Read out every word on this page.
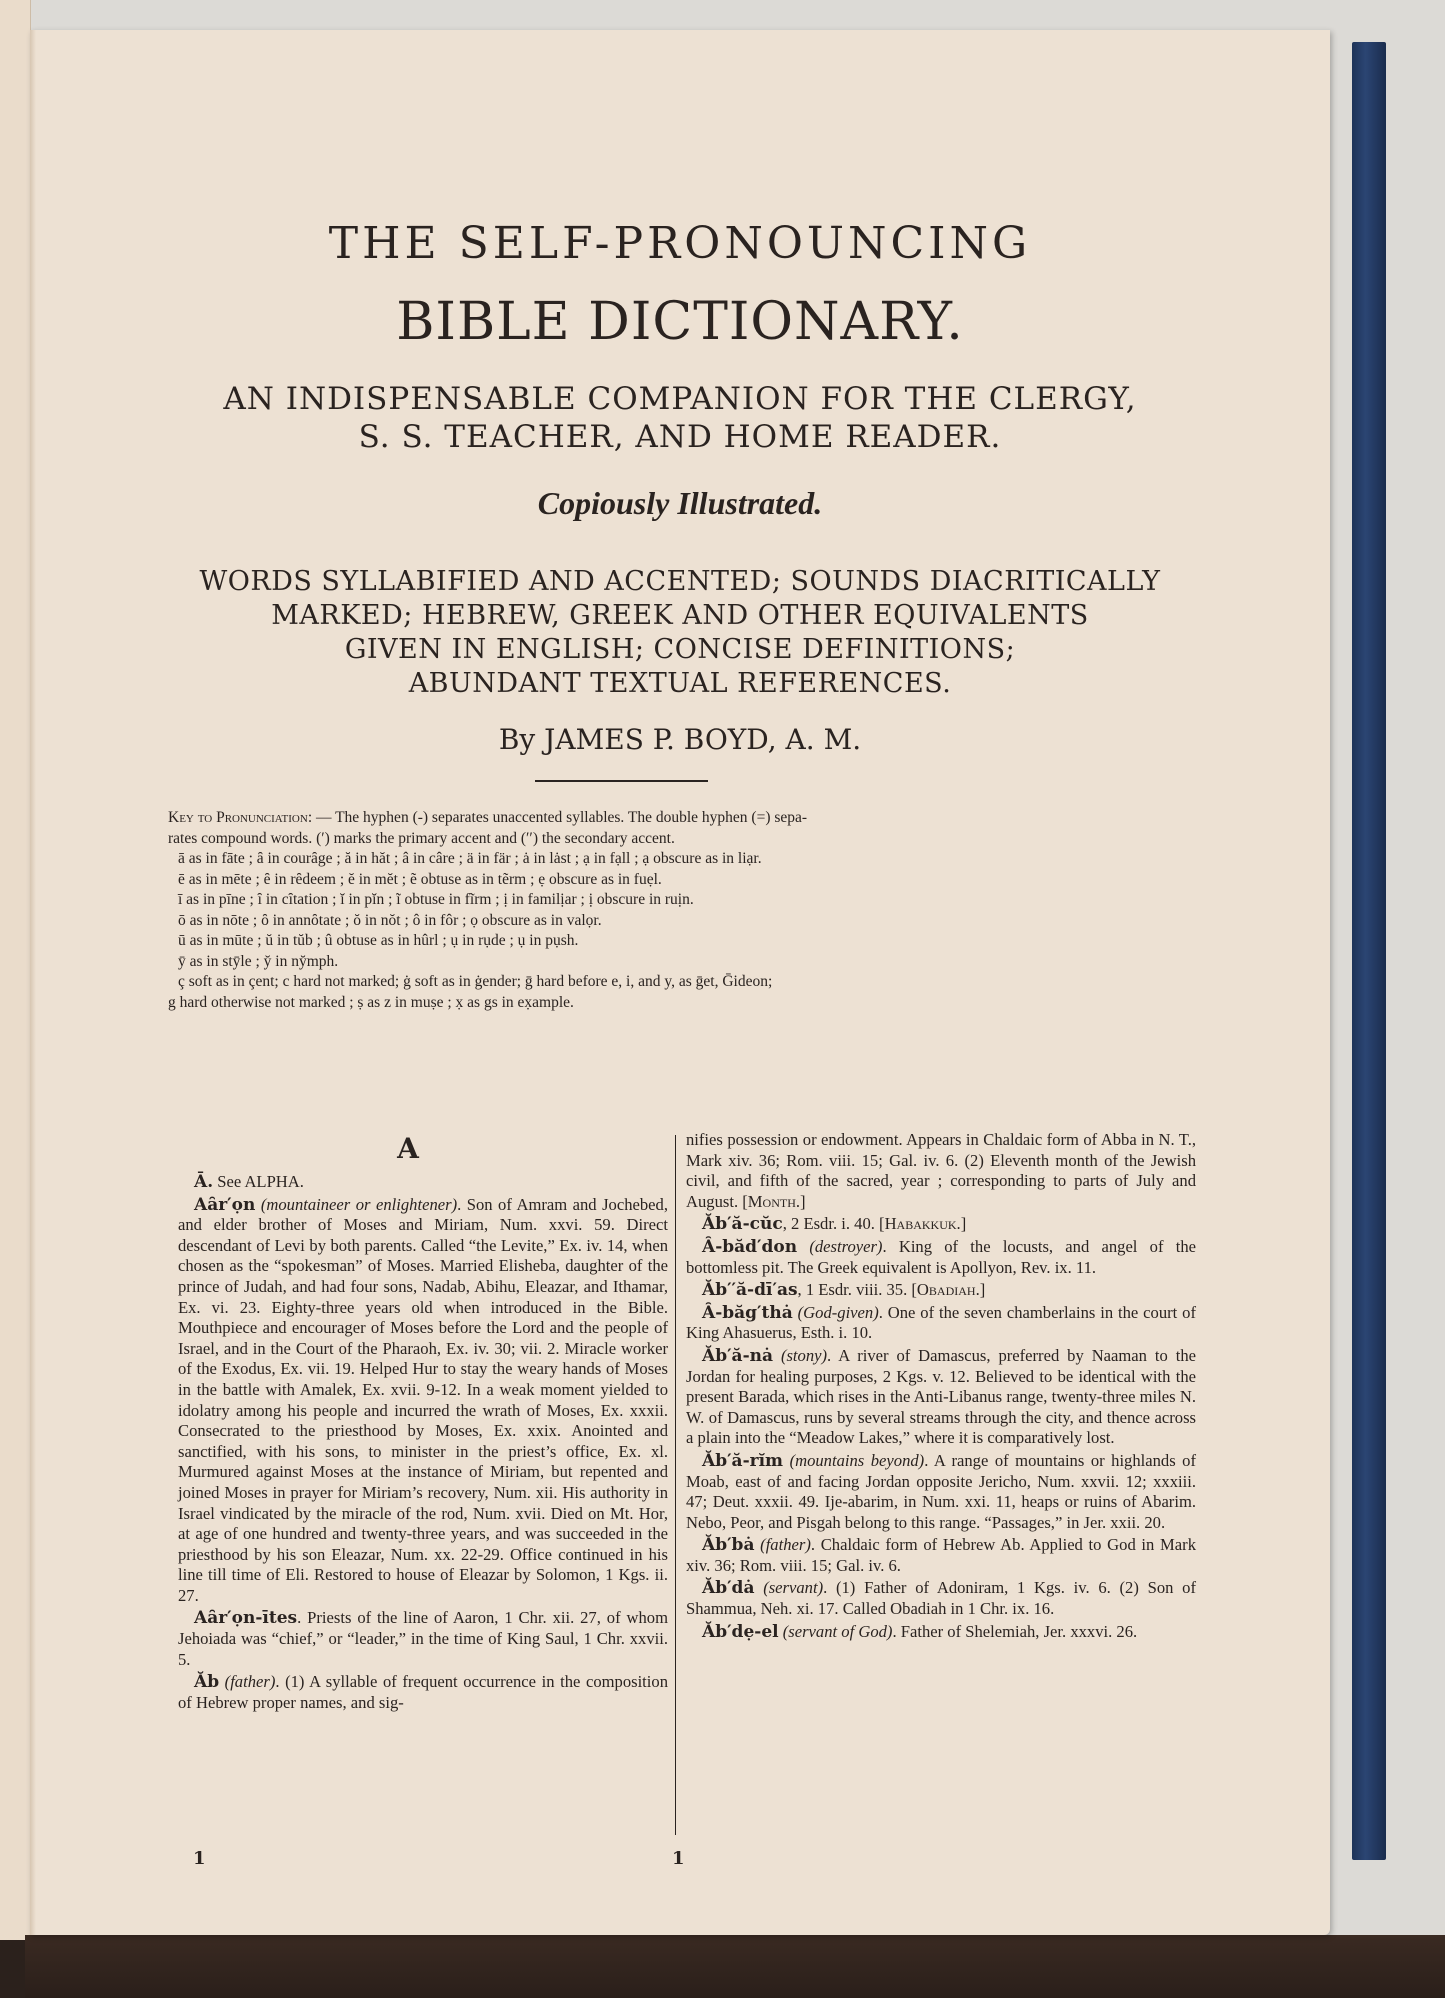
THE SELF-PRONOUNCING
BIBLE DICTIONARY.
AN INDISPENSABLE COMPANION FOR THE CLERGY,
S. S. TEACHER, AND HOME READER.
Copiously Illustrated.
WORDS SYLLABIFIED AND ACCENTED; SOUNDS DIACRITICALLY
MARKED; HEBREW, GREEK AND OTHER EQUIVALENTS
GIVEN IN ENGLISH; CONCISE DEFINITIONS;
ABUNDANT TEXTUAL REFERENCES.
By JAMES P. BOYD, A. M.
Key to Pronunciation: — The hyphen (-) separates unaccented syllables. The double hyphen (=) sepa-
rates compound words. (′) marks the primary accent and (′′) the secondary accent.
ā as in fāte ; ȃ in courȃge ; ă in hăt ; â in câre ; ä in fär ; ȧ in lȧst ; ạ in fạll ; ạ obscure as in liạr.
ē as in mēte ; ȇ in rȇdeem ; ĕ in mĕt ; ẽ obtuse as in tẽrm ; ẹ obscure as in fuẹl.
ī as in pīne ; ȋ in cȋtation ; ĭ in pĭn ; ĩ obtuse in fĩrm ; ị in familịar ; ị obscure in ruịn.
ō as in nōte ; ȏ in annȏtate ; ŏ in nŏt ; ô in fôr ; ọ obscure as in valọr.
ū as in mūte ; ŭ in tŭb ; û obtuse as in hûrl ; ụ in rụde ; ụ in pụsh.
ȳ as in stȳle ; y̆ in ny̆mph.
ç soft as in çent; c hard not marked; ġ soft as in ġender; ḡ hard before e, i, and y, as ḡet, Ḡideon;
g hard otherwise not marked ; ṣ as z in muṣe ; x̣ as gs in ex̣ample.
A

Ā. See ALPHA.

Aȃr′ọn (mountaineer or enlightener). Son of Amram and Jochebed, and elder brother of Moses and Miriam, Num. xxvi. 59. Direct descendant of Levi by both parents. Called “the Levite,” Ex. iv. 14, when chosen as the “spokesman” of Moses. Married Elisheba, daughter of the prince of Judah, and had four sons, Nadab, Abihu, Eleazar, and Ithamar, Ex. vi. 23. Eighty-three years old when introduced in the Bible. Mouthpiece and encourager of Moses before the Lord and the people of Israel, and in the Court of the Pharaoh, Ex. iv. 30; vii. 2. Miracle worker of the Exodus, Ex. vii. 19. Helped Hur to stay the weary hands of Moses in the battle with Amalek, Ex. xvii. 9-12. In a weak moment yielded to idolatry among his people and incurred the wrath of Moses, Ex. xxxii. Consecrated to the priesthood by Moses, Ex. xxix. Anointed and sanctified, with his sons, to minister in the priest’s office, Ex. xl. Murmured against Moses at the instance of Miriam, but repented and joined Moses in prayer for Miriam’s recovery, Num. xii. His authority in Israel vindicated by the miracle of the rod, Num. xvii. Died on Mt. Hor, at age of one hundred and twenty-three years, and was succeeded in the priesthood by his son Eleazar, Num. xx. 22-29. Office continued in his line till time of Eli. Restored to house of Eleazar by Solomon, 1 Kgs. ii. 27.

Aȃr′ọn-ītes. Priests of the line of Aaron, 1 Chr. xii. 27, of whom Jehoiada was “chief,” or “leader,” in the time of King Saul, 1 Chr. xxvii. 5.

Ăb (father). (1) A syllable of frequent occurrence in the composition of Hebrew proper names, and sig-

nifies possession or endowment. Appears in Chaldaic form of Abba in N. T., Mark xiv. 36; Rom. viii. 15; Gal. iv. 6. (2) Eleventh month of the Jewish civil, and fifth of the sacred, year ; corresponding to parts of July and August. [Month.]

Ăb′ă-cŭc, 2 Esdr. i. 40. [Habakkuk.]

Ȃ-băd′don (destroyer). King of the locusts, and angel of the bottomless pit. The Greek equivalent is Apollyon, Rev. ix. 11.

Ăb′′ă-dī′as, 1 Esdr. viii. 35. [Obadiah.]

Ȃ-băg′thȧ (God-given). One of the seven chamberlains in the court of King Ahasuerus, Esth. i. 10.

Ăb′ă-nȧ (stony). A river of Damascus, preferred by Naaman to the Jordan for healing purposes, 2 Kgs. v. 12. Believed to be identical with the present Barada, which rises in the Anti-Libanus range, twenty-three miles N. W. of Damascus, runs by several streams through the city, and thence across a plain into the “Meadow Lakes,” where it is comparatively lost.

Ăb′ă-rĭm (mountains beyond). A range of mountains or highlands of Moab, east of and facing Jordan opposite Jericho, Num. xxvii. 12; xxxiii. 47; Deut. xxxii. 49. Ije-abarim, in Num. xxi. 11, heaps or ruins of Abarim. Nebo, Peor, and Pisgah belong to this range. “Passages,” in Jer. xxii. 20.

Ăb′bȧ (father). Chaldaic form of Hebrew Ab. Applied to God in Mark xiv. 36; Rom. viii. 15; Gal. iv. 6.

Ăb′dȧ (servant). (1) Father of Adoniram, 1 Kgs. iv. 6. (2) Son of Shammua, Neh. xi. 17. Called Obadiah in 1 Chr. ix. 16.

Ăb′dẹ-el (servant of God). Father of Shelemiah, Jer. xxxvi. 26.

1	1
